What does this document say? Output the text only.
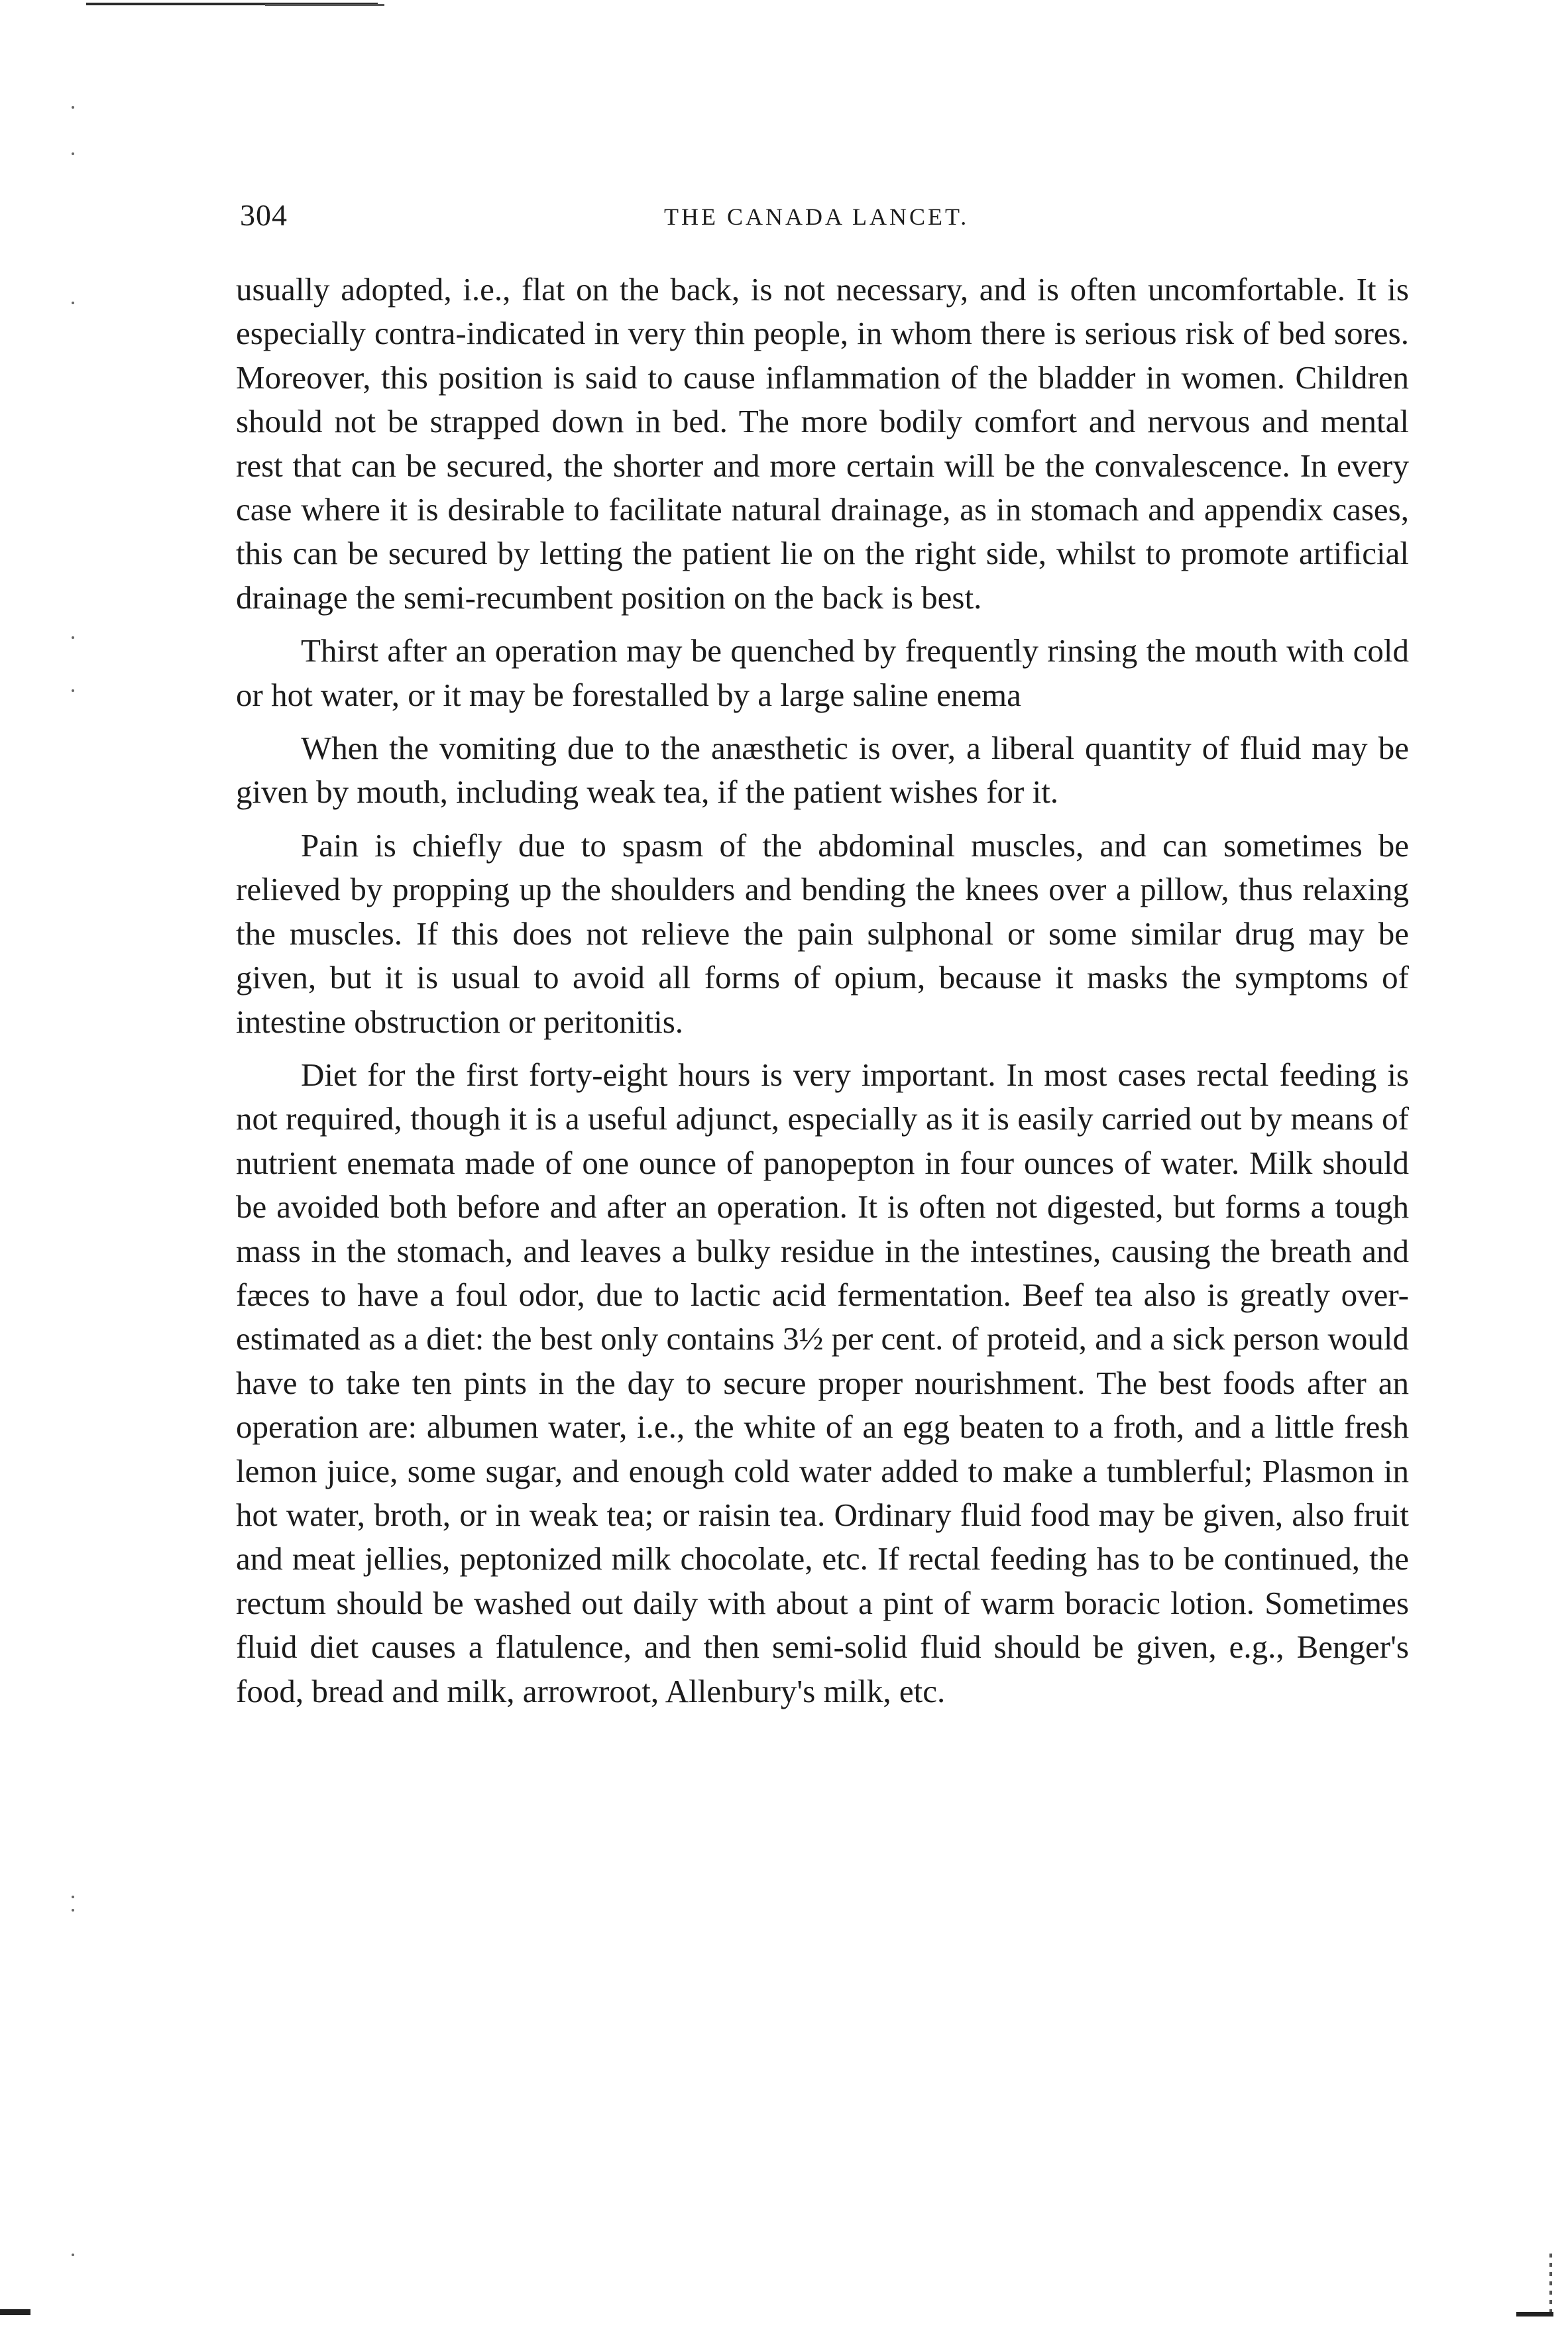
304	THE CANADA LANCET.

usually adopted, i.e., flat on the back, is not necessary, and is often uncomfortable. It is especially contra-indicated in very thin people, in whom there is serious risk of bed sores. Moreover, this position is said to cause inflammation of the bladder in women. Children should not be strapped down in bed. The more bodily comfort and nervous and mental rest that can be secured, the shorter and more certain will be the convalescence. In every case where it is desirable to facilitate natural drainage, as in stomach and appendix cases, this can be secured by letting the patient lie on the right side, whilst to promote artificial drainage the semi-recumbent position on the back is best.

Thirst after an operation may be quenched by frequently rinsing the mouth with cold or hot water, or it may be forestalled by a large saline enema

When the vomiting due to the anæsthetic is over, a liberal quantity of fluid may be given by mouth, including weak tea, if the patient wishes for it.

Pain is chiefly due to spasm of the abdominal muscles, and can sometimes be relieved by propping up the shoulders and bending the knees over a pillow, thus relaxing the muscles. If this does not relieve the pain sulphonal or some similar drug may be given, but it is usual to avoid all forms of opium, because it masks the symptoms of intestine obstruction or peritonitis.

Diet for the first forty-eight hours is very important. In most cases rectal feeding is not required, though it is a useful adjunct, especially as it is easily carried out by means of nutrient enemata made of one ounce of panopepton in four ounces of water. Milk should be avoided both before and after an operation. It is often not digested, but forms a tough mass in the stomach, and leaves a bulky residue in the intestines, causing the breath and fæces to have a foul odor, due to lactic acid fermentation. Beef tea also is greatly over-estimated as a diet: the best only contains 3½ per cent. of proteid, and a sick person would have to take ten pints in the day to secure proper nourishment. The best foods after an operation are: albumen water, i.e., the white of an egg beaten to a froth, and a little fresh lemon juice, some sugar, and enough cold water added to make a tumblerful; Plasmon in hot water, broth, or in weak tea; or raisin tea. Ordinary fluid food may be given, also fruit and meat jellies, peptonized milk chocolate, etc. If rectal feeding has to be continued, the rectum should be washed out daily with about a pint of warm boracic lotion. Sometimes fluid diet causes a flatulence, and then semi-solid fluid should be given, e.g., Benger's food, bread and milk, arrowroot, Allenbury's milk, etc.
